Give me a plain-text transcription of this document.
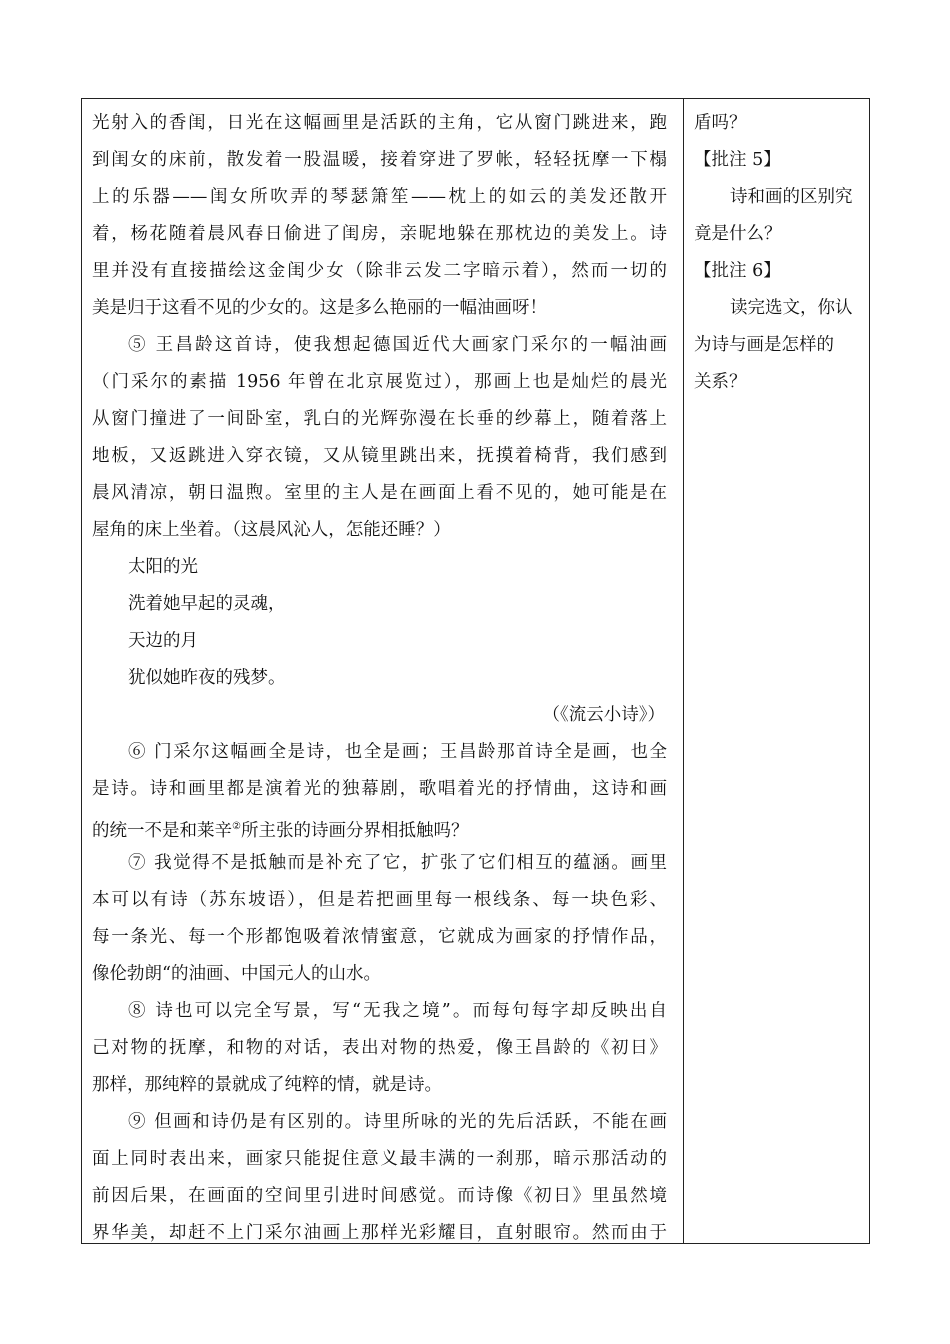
光射入的香闺，日光在这幅画里是活跃的主角，它从窗门跳进来，跑
到闺女的床前，散发着一股温暖，接着穿进了罗帐，轻轻抚摩一下榻
上的乐器——闺女所吹弄的琴瑟箫笙——枕上的如云的美发还散开
着，杨花随着晨风春日偷进了闺房，亲昵地躲在那枕边的美发上。诗
里并没有直接描绘这金闺少女（除非云发二字暗示着），然而一切的
美是归于这看不见的少女的。这是多么艳丽的一幅油画呀！
⑤ 王昌龄这首诗，使我想起德国近代大画家门采尔的一幅油画
（门采尔的素描 1956 年曾在北京展览过），那画上也是灿烂的晨光
从窗门撞进了一间卧室，乳白的光辉弥漫在长垂的纱幕上，随着落上
地板，又返跳进入穿衣镜，又从镜里跳出来，抚摸着椅背，我们感到
晨风清凉，朝日温煦。室里的主人是在画面上看不见的，她可能是在
屋角的床上坐着。（这晨风沁人，怎能还睡？）
太阳的光
洗着她早起的灵魂，
天边的月
犹似她昨夜的残梦。
（《流云小诗》）
⑥ 门采尔这幅画全是诗，也全是画；王昌龄那首诗全是画，也全
是诗。诗和画里都是演着光的独幕剧，歌唱着光的抒情曲，这诗和画
的统一不是和莱辛②所主张的诗画分界相抵触吗？
⑦ 我觉得不是抵触而是补充了它，扩张了它们相互的蕴涵。画里
本可以有诗（苏东坡语），但是若把画里每一根线条、每一块色彩、
每一条光、每一个形都饱吸着浓情蜜意，它就成为画家的抒情作品，
像伦勃朗“的油画、中国元人的山水。
⑧ 诗也可以完全写景，写“无我之境”。而每句每字却反映出自
己对物的抚摩，和物的对话，表出对物的热爱，像王昌龄的《初日》
那样，那纯粹的景就成了纯粹的情，就是诗。
⑨ 但画和诗仍是有区别的。诗里所咏的光的先后活跃，不能在画
面上同时表出来，画家只能捉住意义最丰满的一刹那，暗示那活动的
前因后果，在画面的空间里引进时间感觉。而诗像《初日》里虽然境
界华美，却赶不上门采尔油画上那样光彩耀目，直射眼帘。然而由于
盾吗？
【批注 5】
诗和画的区别究
竟是什么？
【批注 6】
读完选文，你认
为诗与画是怎样的
关系？
